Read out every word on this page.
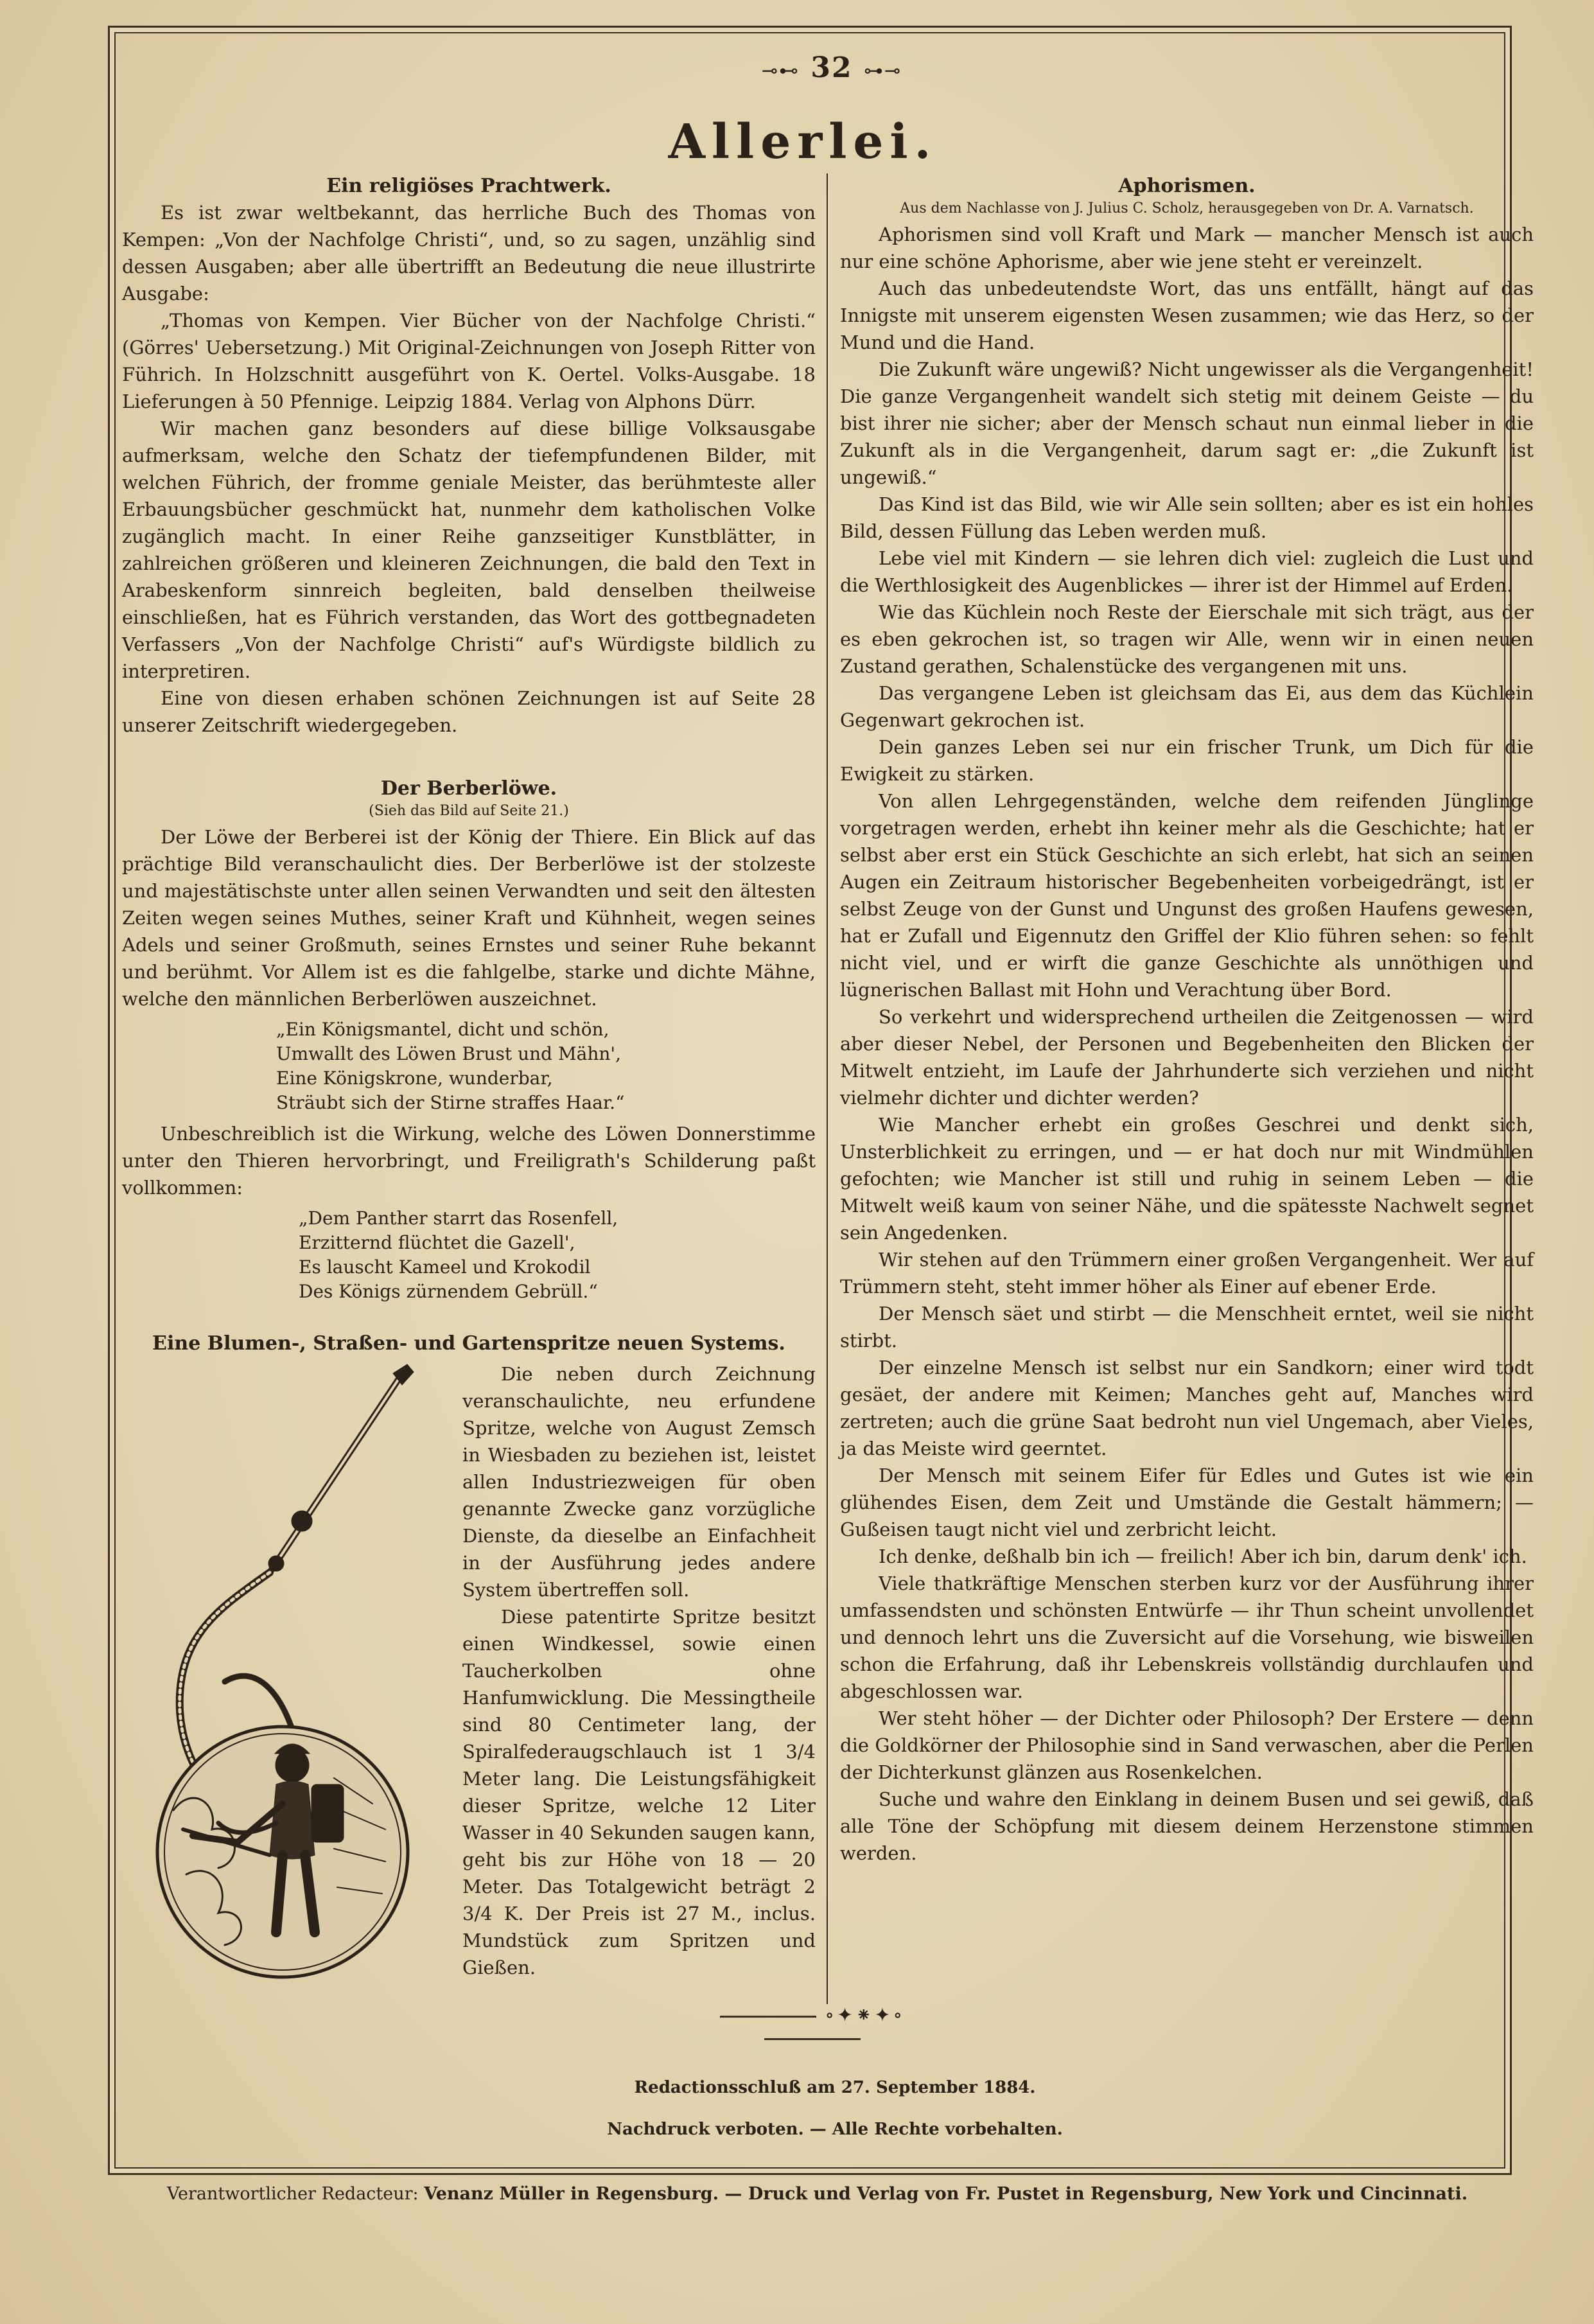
⊸⊷ 32 ⊶⊸
Allerlei.
Ein religiöses Prachtwerk.

Es ist zwar weltbekannt, das herrliche Buch des Thomas von Kempen: „Von der Nachfolge Christi“, und, so zu sagen, unzählig sind dessen Ausgaben; aber alle übertrifft an Bedeutung die neue illustrirte Ausgabe:

„Thomas von Kempen. Vier Bücher von der Nachfolge Christi.“ (Görres' Uebersetzung.) Mit Original-Zeichnungen von Joseph Ritter von Führich. In Holzschnitt ausgeführt von K. Oertel. Volks-Ausgabe. 18 Lieferungen à 50 Pfennige. Leipzig 1884. Verlag von Alphons Dürr.

Wir machen ganz besonders auf diese billige Volksausgabe aufmerksam, welche den Schatz der tiefempfundenen Bilder, mit welchen Führich, der fromme geniale Meister, das berühmteste aller Erbauungsbücher geschmückt hat, nunmehr dem katholischen Volke zugänglich macht. In einer Reihe ganzseitiger Kunstblätter, in zahlreichen größeren und kleineren Zeichnungen, die bald den Text in Arabeskenform sinnreich begleiten, bald denselben theilweise einschließen, hat es Führich verstanden, das Wort des gottbegnadeten Verfassers „Von der Nachfolge Christi“ auf's Würdigste bildlich zu interpretiren.

Eine von diesen erhaben schönen Zeichnungen ist auf Seite 28 unserer Zeitschrift wiedergegeben.

Der Berberlöwe.
(Sieh das Bild auf Seite 21.)

Der Löwe der Berberei ist der König der Thiere. Ein Blick auf das prächtige Bild veranschaulicht dies. Der Berberlöwe ist der stolzeste und majestätischste unter allen seinen Verwandten und seit den ältesten Zeiten wegen seines Muthes, seiner Kraft und Kühnheit, wegen seines Adels und seiner Großmuth, seines Ernstes und seiner Ruhe bekannt und berühmt. Vor Allem ist es die fahlgelbe, starke und dichte Mähne, welche den männlichen Berberlöwen auszeichnet.

„Ein Königsmantel, dicht und schön,
Umwallt des Löwen Brust und Mähn',
Eine Königskrone, wunderbar,
Sträubt sich der Stirne straffes Haar.“

Unbeschreiblich ist die Wirkung, welche des Löwen Donnerstimme unter den Thieren hervorbringt, und Freiligrath's Schilderung paßt vollkommen:

„Dem Panther starrt das Rosenfell,
Erzitternd flüchtet die Gazell',
Es lauscht Kameel und Krokodil
Des Königs zürnendem Gebrüll.“
Eine Blumen-, Straßen- und Gartenspritze neuen Systems.

Die neben durch Zeichnung veranschaulichte, neu erfundene Spritze, welche von August Zemsch in Wiesbaden zu beziehen ist, leistet allen Industriezweigen für oben genannte Zwecke ganz vorzügliche Dienste, da dieselbe an Einfachheit in der Ausführung jedes andere System übertreffen soll.

Diese patentirte Spritze besitzt einen Windkessel, sowie einen Taucherkolben ohne Hanfumwicklung. Die Messingtheile sind 80 Centimeter lang, der Spiralfederaugschlauch ist 1 3/4 Meter lang. Die Leistungsfähigkeit dieser Spritze, welche 12 Liter Wasser in 40 Sekunden saugen kann, geht bis zur Höhe von 18 — 20 Meter. Das Totalgewicht beträgt 2 3/4 K. Der Preis ist 27 M., inclus. Mundstück zum Spritzen und Gießen.

Aphorismen.
Aus dem Nachlasse von J. Julius C. Scholz, herausgegeben von Dr. A. Varnatsch.

Aphorismen sind voll Kraft und Mark — mancher Mensch ist auch nur eine schöne Aphorisme, aber wie jene steht er vereinzelt.

Auch das unbedeutendste Wort, das uns entfällt, hängt auf das Innigste mit unserem eigensten Wesen zusammen; wie das Herz, so der Mund und die Hand.

Die Zukunft wäre ungewiß? Nicht ungewisser als die Vergangenheit! Die ganze Vergangenheit wandelt sich stetig mit deinem Geiste — du bist ihrer nie sicher; aber der Mensch schaut nun einmal lieber in die Zukunft als in die Vergangenheit, darum sagt er: „die Zukunft ist ungewiß.“

Das Kind ist das Bild, wie wir Alle sein sollten; aber es ist ein hohles Bild, dessen Füllung das Leben werden muß.

Lebe viel mit Kindern — sie lehren dich viel: zugleich die Lust und die Werthlosigkeit des Augenblickes — ihrer ist der Himmel auf Erden.

Wie das Küchlein noch Reste der Eierschale mit sich trägt, aus der es eben gekrochen ist, so tragen wir Alle, wenn wir in einen neuen Zustand gerathen, Schalenstücke des vergangenen mit uns.

Das vergangene Leben ist gleichsam das Ei, aus dem das Küchlein Gegenwart gekrochen ist.

Dein ganzes Leben sei nur ein frischer Trunk, um Dich für die Ewigkeit zu stärken.

Von allen Lehrgegenständen, welche dem reifenden Jünglinge vorgetragen werden, erhebt ihn keiner mehr als die Geschichte; hat er selbst aber erst ein Stück Geschichte an sich erlebt, hat sich an seinen Augen ein Zeitraum historischer Begebenheiten vorbeigedrängt, ist er selbst Zeuge von der Gunst und Ungunst des großen Haufens gewesen, hat er Zufall und Eigennutz den Griffel der Klio führen sehen: so fehlt nicht viel, und er wirft die ganze Geschichte als unnöthigen und lügnerischen Ballast mit Hohn und Verachtung über Bord.

So verkehrt und widersprechend urtheilen die Zeitgenossen — wird aber dieser Nebel, der Personen und Begebenheiten den Blicken der Mitwelt entzieht, im Laufe der Jahrhunderte sich verziehen und nicht vielmehr dichter und dichter werden?

Wie Mancher erhebt ein großes Geschrei und denkt sich, Unsterblichkeit zu erringen, und — er hat doch nur mit Windmühlen gefochten; wie Mancher ist still und ruhig in seinem Leben — die Mitwelt weiß kaum von seiner Nähe, und die spätesste Nachwelt segnet sein Angedenken.

Wir stehen auf den Trümmern einer großen Vergangenheit. Wer auf Trümmern steht, steht immer höher als Einer auf ebener Erde.

Der Mensch säet und stirbt — die Menschheit erntet, weil sie nicht stirbt.

Der einzelne Mensch ist selbst nur ein Sandkorn; einer wird todt gesäet, der andere mit Keimen; Manches geht auf, Manches wird zertreten; auch die grüne Saat bedroht nun viel Ungemach, aber Vieles, ja das Meiste wird geerntet.

Der Mensch mit seinem Eifer für Edles und Gutes ist wie ein glühendes Eisen, dem Zeit und Umstände die Gestalt hämmern; — Gußeisen taugt nicht viel und zerbricht leicht.

Ich denke, deßhalb bin ich — freilich! Aber ich bin, darum denk' ich.

Viele thatkräftige Menschen sterben kurz vor der Ausführung ihrer umfassendsten und schönsten Entwürfe — ihr Thun scheint unvollendet und dennoch lehrt uns die Zuversicht auf die Vorsehung, wie bisweilen schon die Erfahrung, daß ihr Lebenskreis vollständig durchlaufen und abgeschlossen war.

Wer steht höher — der Dichter oder Philosoph? Der Erstere — denn die Goldkörner der Philosophie sind in Sand verwaschen, aber die Perlen der Dichterkunst glänzen aus Rosenkelchen.

Suche und wahre den Einklang in deinem Busen und sei gewiß, daß alle Töne der Schöpfung mit diesem deinem Herzenstone stimmen werden.

∘✦⁕✦∘
Redactionsschluß am 27. September 1884.
Nachdruck verboten. — Alle Rechte vorbehalten.
Verantwortlicher Redacteur: Venanz Müller in Regensburg. — Druck und Verlag von Fr. Pustet in Regensburg, New York und Cincinnati.
